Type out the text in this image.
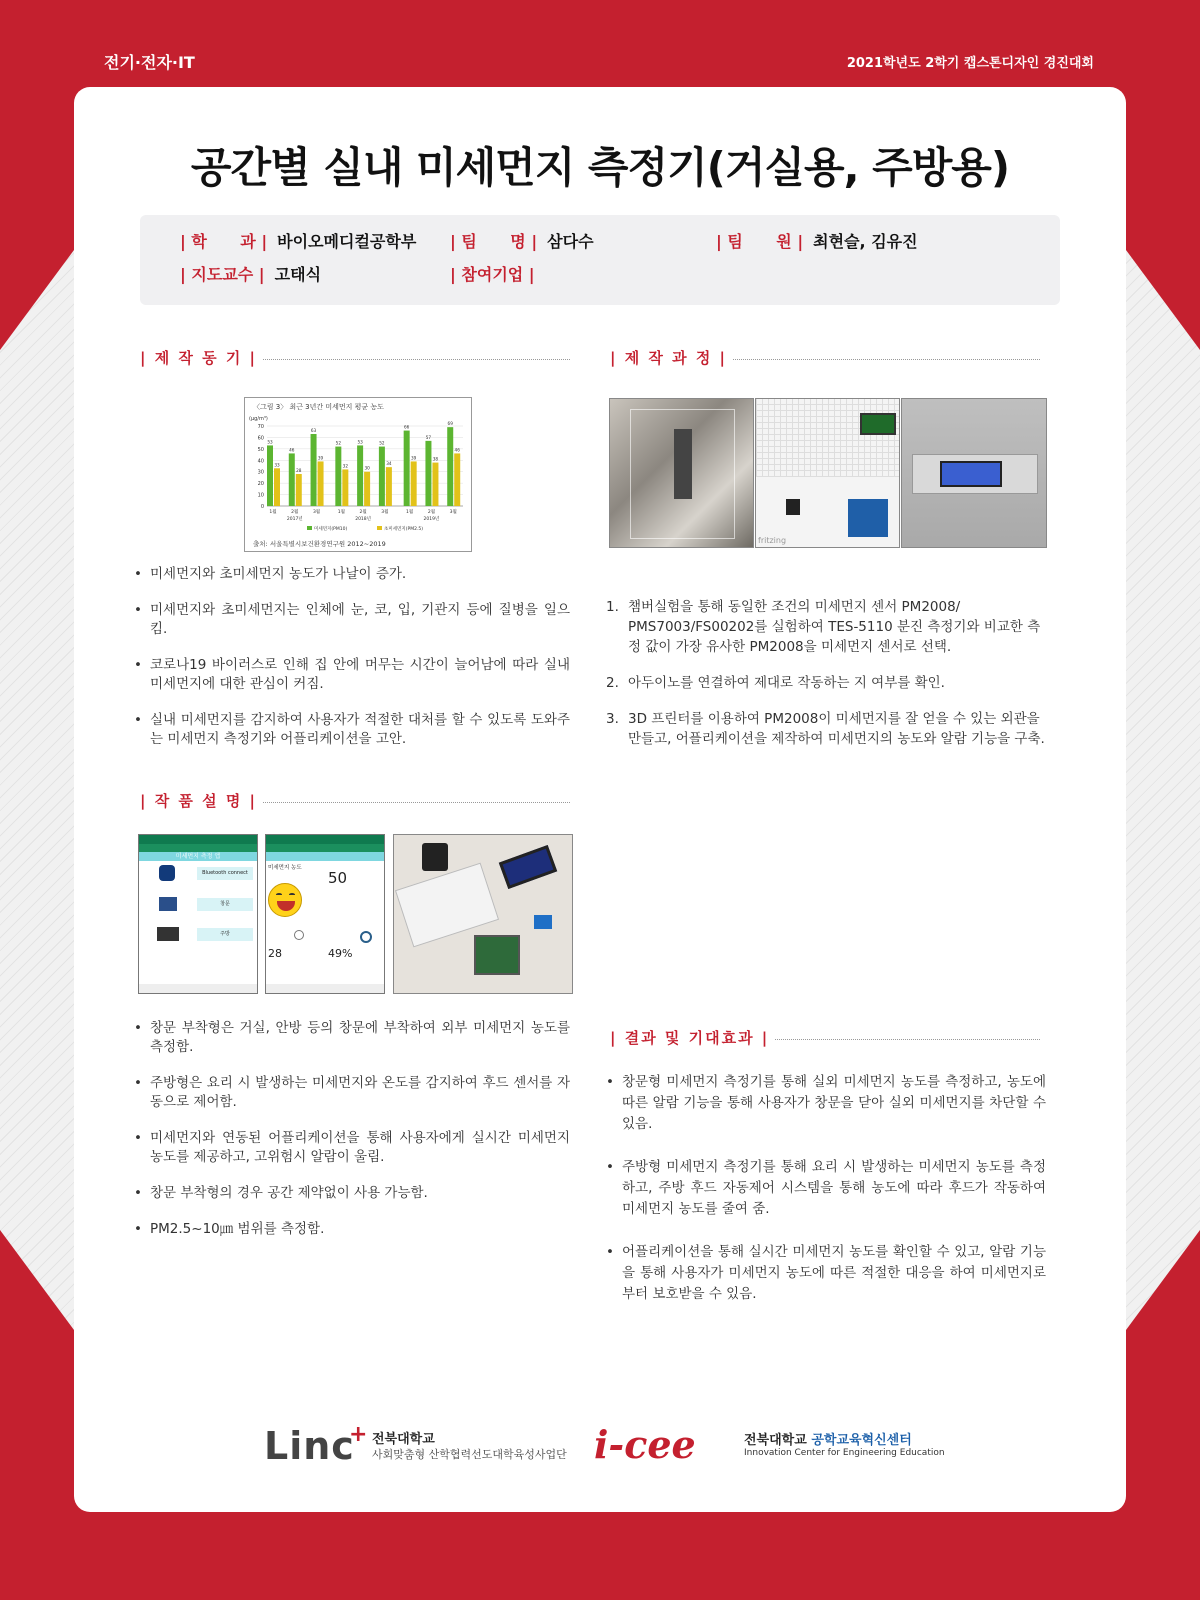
전기·전자·IT	2021학년도 2학기 캡스톤디자인 경진대회
공간별 실내 미세먼지 측정기(거실용, 주방용)
| 학      과 | 바이오메디컬공학부 | 팀      명 | 삼다수	| 팀      원 | 최현슬, 김유진
| 지도교수 | 고태식	| 참여기업 |
| 제 작 동 기 |
〈그림 3〉 최근 3년간 미세먼지 평균 농도
(μg/m³)
0
10
20
30
40
50
60
70
53
33
1월
46
28
2월
63
39
3월
52
32
1월
53
30
2월
52
34
3월
66
39
1월
57
38
2월
69
46
3월
2017년	2018년	2019년
미세먼지(PM10)	초미세먼지(PM2.5)
출처: 서울특별시보건환경연구원 2012~2019
• 미세먼지와 초미세먼지 농도가 나날이 증가.
• 미세먼지와 초미세먼지는 인체에 눈, 코, 입, 기관지 등에 질병을 일으킴.
• 코로나19 바이러스로 인해 집 안에 머무는 시간이 늘어남에 따라 실내 미세먼지에 대한 관심이 커짐.
• 실내 미세먼지를 감지하여 사용자가 적절한 대처를 할 수 있도록 도와주는 미세먼지 측정기와 어플리케이션을 고안.
| 작 품 설 명 |
미세먼지 측정 앱
Bluetooth connect
창문
주방
미세먼지 농도
50
28	49%
• 창문 부착형은 거실, 안방 등의 창문에 부착하여 외부 미세먼지 농도를 측정함.
• 주방형은 요리 시 발생하는 미세먼지와 온도를 감지하여 후드 센서를 자동으로 제어함.
• 미세먼지와 연동된 어플리케이션을 통해 사용자에게 실시간 미세먼지 농도를 제공하고, 고위험시 알람이 울림.
• 창문 부착형의 경우 공간 제약없이 사용 가능함.
• PM2.5~10㎛ 범위를 측정함.
| 제 작 과 정 |
fritzing
1. 챔버실험을 통해 동일한 조건의 미세먼지 센서 PM2008/ PMS7003/FS00202를 실험하여 TES-5110 분진 측정기와 비교한 측정 값이 가장 유사한 PM2008을 미세먼지 센서로 선택.
2. 아두이노를 연결하여 제대로 작동하는 지 여부를 확인.
3. 3D 프린터를 이용하여 PM2008이 미세먼지를 잘 얻을 수 있는 외관을 만들고, 어플리케이션을 제작하여 미세먼지의 농도와 알람 기능을 구축.
| 결과 및 기대효과 |
• 창문형 미세먼지 측정기를 통해 실외 미세먼지 농도를 측정하고, 농도에 따른 알람 기능을 통해 사용자가 창문을 닫아 실외 미세먼지를 차단할 수 있음.
• 주방형 미세먼지 측정기를 통해 요리 시 발생하는 미세먼지 농도를 측정하고, 주방 후드 자동제어 시스템을 통해 농도에 따라 후드가 작동하여 미세먼지 농도를 줄여 줌.
• 어플리케이션을 통해 실시간 미세먼지 농도를 확인할 수 있고, 알람 기능을 통해 사용자가 미세먼지 농도에 따른 적절한 대응을 하여 미세먼지로부터 보호받을 수 있음.
Linc
+ 전북대학교
사회맞춤형 산학협력선도대학육성사업단 i-cee	전북대학교 공학교육혁신센터
Innovation Center for Engineering Education
